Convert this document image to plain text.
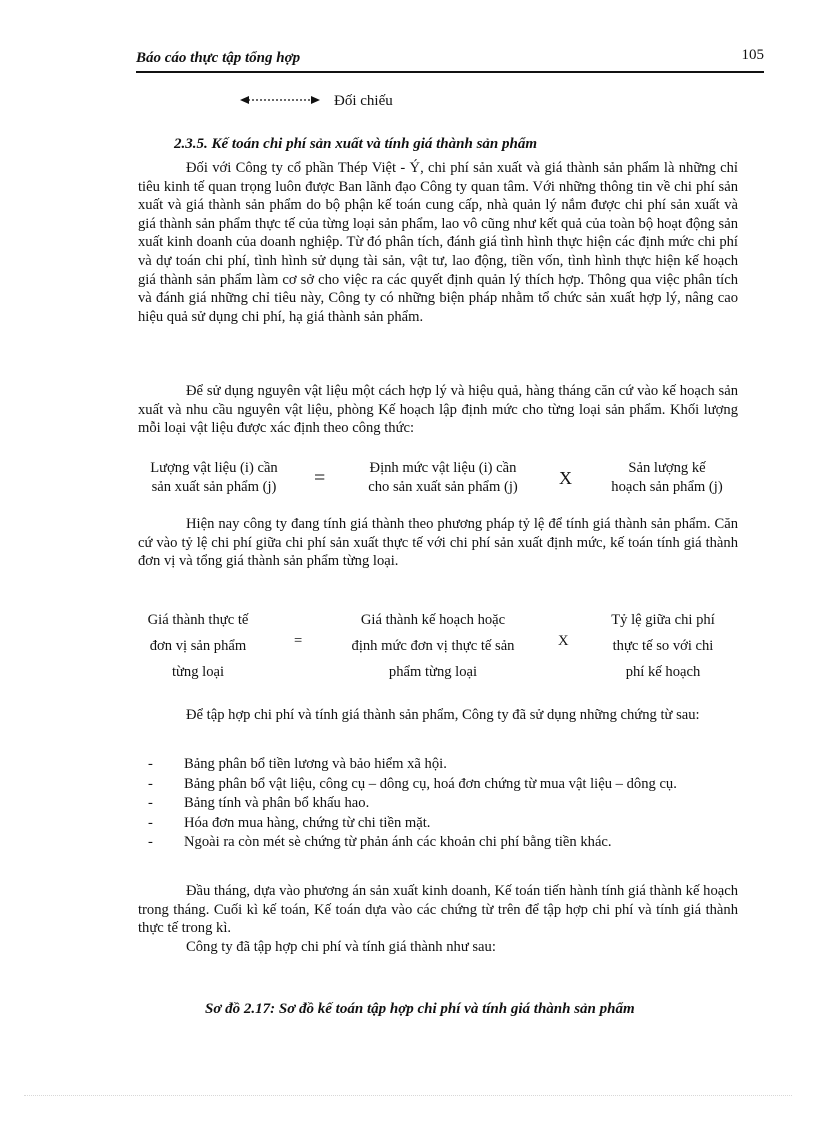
Báo cáo thực tập tổng hợp	105
Đối chiếu
2.3.5. Kế toán chi phí sản xuất và tính giá thành sản phẩm

Đối với Công ty cổ phần Thép Việt - Ý, chi phí sản xuất và giá thành sản phẩm là những chỉ tiêu kinh tế quan trọng luôn được Ban lãnh đạo Công ty quan tâm. Với những thông tin về chi phí sản xuất và giá thành sản phẩm do bộ phận kế toán cung cấp, nhà quản lý nắm được chi phí sản xuất và giá thành sản phẩm thực tế của từng loại sản phẩm, lao vô cũng như kết quả của toàn bộ hoạt động sản xuất kinh doanh của doanh nghiệp. Từ đó phân tích, đánh giá tình hình thực hiện các định mức chi phí và dự toán chi phí, tình hình sử dụng tài sản, vật tư, lao động, tiền vốn, tình hình thực hiện kế hoạch giá thành sản phẩm làm cơ sở cho việc ra các quyết định quản lý thích hợp. Thông qua việc phân tích và đánh giá những chỉ tiêu này, Công ty có những biện pháp nhằm tổ chức sản xuất hợp lý, nâng cao hiệu quả sử dụng chi phí, hạ giá thành sản phẩm.

Để sử dụng nguyên vật liệu một cách hợp lý và hiệu quả, hàng tháng căn cứ vào kế hoạch sản xuất và nhu cầu nguyên vật liệu, phòng Kế hoạch lập định mức cho từng loại sản phẩm. Khối lượng mỗi loại vật liệu được xác định theo công thức:

Lượng vật liệu (i) cần
sản xuất sản phẩm (j)	=	Định mức vật liệu (i) cần
cho sản xuất sản phẩm (j)	X	Sản lượng kế
hoạch sản phẩm (j)

Hiện nay công ty đang tính giá thành theo phương pháp tỷ lệ để tính giá thành sản phẩm. Căn cứ vào tỷ lệ chi phí giữa chi phí sản xuất thực tế với chi phí sản xuất định mức, kế toán tính giá thành đơn vị và tổng giá thành sản phẩm từng loại.

Giá thành thực tế
đơn vị sản phẩm
từng loại
=
Giá thành kế hoạch hoặc
định mức đơn vị thực tế sản
phẩm từng loại
X
Tỷ lệ giữa chi phí
thực tế so với chi
phí kế hoạch

Để tập hợp chi phí và tính giá thành sản phẩm, Công ty đã sử dụng những chứng từ sau:

- Bảng phân bổ tiền lương và bảo hiểm xã hội.
- Bảng phân bổ vật liệu, công cụ – dông cụ, hoá đơn chứng từ mua vật liệu – dông cụ.
- Bảng tính và phân bổ khấu hao.
- Hóa đơn mua hàng, chứng từ chi tiền mặt.
- Ngoài ra còn mét sè chứng từ phản ánh các khoản chi phí bằng tiền khác.

Đầu tháng, dựa vào phương án sản xuất kinh doanh, Kế toán tiến hành tính giá thành kế hoạch trong tháng. Cuối kì kế toán, Kế toán dựa vào các chứng từ trên để tập hợp chi phí và tính giá thành thực tế trong kì.

Công ty đã tập hợp chi phí và tính giá thành như sau:

Sơ đồ 2.17: Sơ đồ kế toán tập hợp chi phí và tính giá thành sản phẩm
